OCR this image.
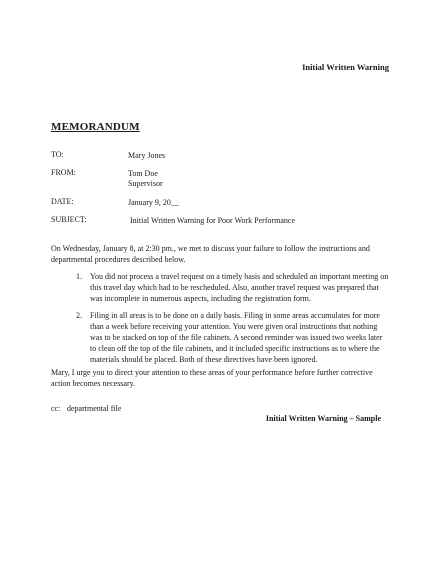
Initial Written Warning
MEMORANDUM
TO:	Mary Jones
FROM:	Tom Doe
Supervisor
DATE:	January 9, 20__
SUBJECT:	Initial Written Warning for Poor Work Performance
On Wednesday, January 8, at 2:30 pm., we met to discuss your failure to follow the instructions and departmental procedures described below.
1. You did not process a travel request on a timely basis and scheduled an important meeting on this travel day which had to be rescheduled. Also, another travel request was prepared that was incomplete in numerous aspects, including the registration form.
2. Filing in all areas is to be done on a daily basis. Filing in some areas accumulates for more than a week before receiving your attention. You were given oral instructions that nothing was to be stacked on top of the file cabinets. A second reminder was issued two weeks later to clean off the top of the file cabinets, and it included specific instructions as to where the materials should be placed. Both of these directives have been ignored.
Mary, I urge you to direct your attention to these areas of your performance before further corrective action becomes necessary.
cc: departmental file
Initial Written Warning – Sample
